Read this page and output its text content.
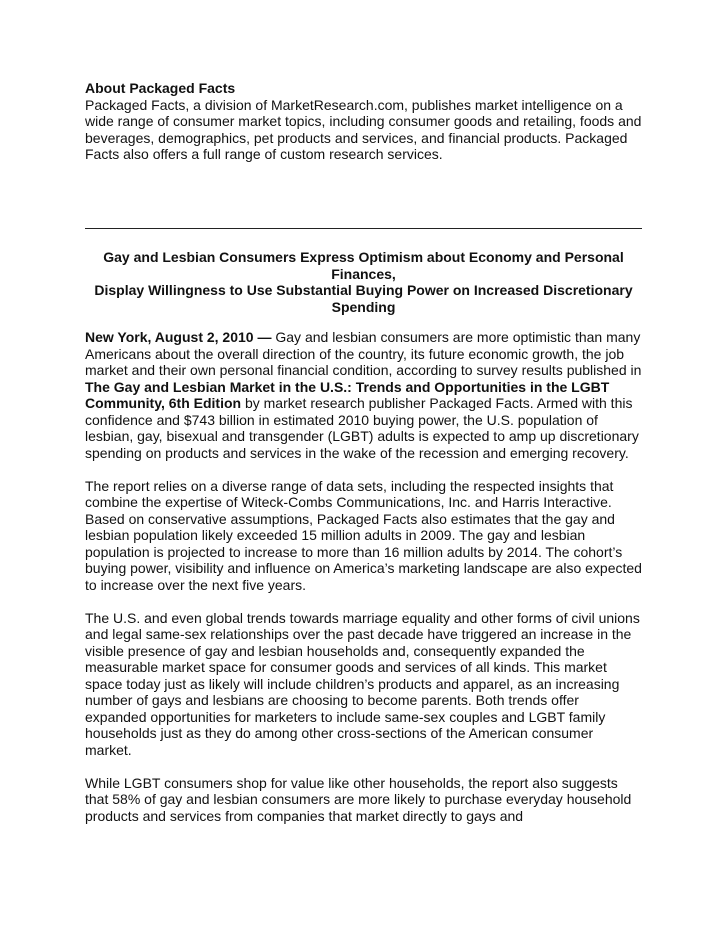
About Packaged Facts

Packaged Facts, a division of MarketResearch.com, publishes market intelligence on a wide range of consumer market topics, including consumer goods and retailing, foods and beverages, demographics, pet products and services, and financial products. Packaged Facts also offers a full range of custom research services.

Gay and Lesbian Consumers Express Optimism about Economy and Personal Finances,
Display Willingness to Use Substantial Buying Power on Increased Discretionary Spending

New York, August 2, 2010 — Gay and lesbian consumers are more optimistic than many Americans about the overall direction of the country, its future economic growth, the job market and their own personal financial condition, according to survey results published in The Gay and Lesbian Market in the U.S.: Trends and Opportunities in the LGBT Community, 6th Edition by market research publisher Packaged Facts. Armed with this confidence and $743 billion in estimated 2010 buying power, the U.S. population of lesbian, gay, bisexual and transgender (LGBT) adults is expected to amp up discretionary spending on products and services in the wake of the recession and emerging recovery.

The report relies on a diverse range of data sets, including the respected insights that combine the expertise of Witeck-Combs Communications, Inc. and Harris Interactive. Based on conservative assumptions, Packaged Facts also estimates that the gay and lesbian population likely exceeded 15 million adults in 2009. The gay and lesbian population is projected to increase to more than 16 million adults by 2014. The cohort’s buying power, visibility and influence on America’s marketing landscape are also expected to increase over the next five years.

The U.S. and even global trends towards marriage equality and other forms of civil unions and legal same-sex relationships over the past decade have triggered an increase in the visible presence of gay and lesbian households and, consequently expanded the measurable market space for consumer goods and services of all kinds. This market space today just as likely will include children’s products and apparel, as an increasing number of gays and lesbians are choosing to become parents. Both trends offer expanded opportunities for marketers to include same-sex couples and LGBT family households just as they do among other cross-sections of the American consumer market.

While LGBT consumers shop for value like other households, the report also suggests that 58% of gay and lesbian consumers are more likely to purchase everyday household products and services from companies that market directly to gays and
